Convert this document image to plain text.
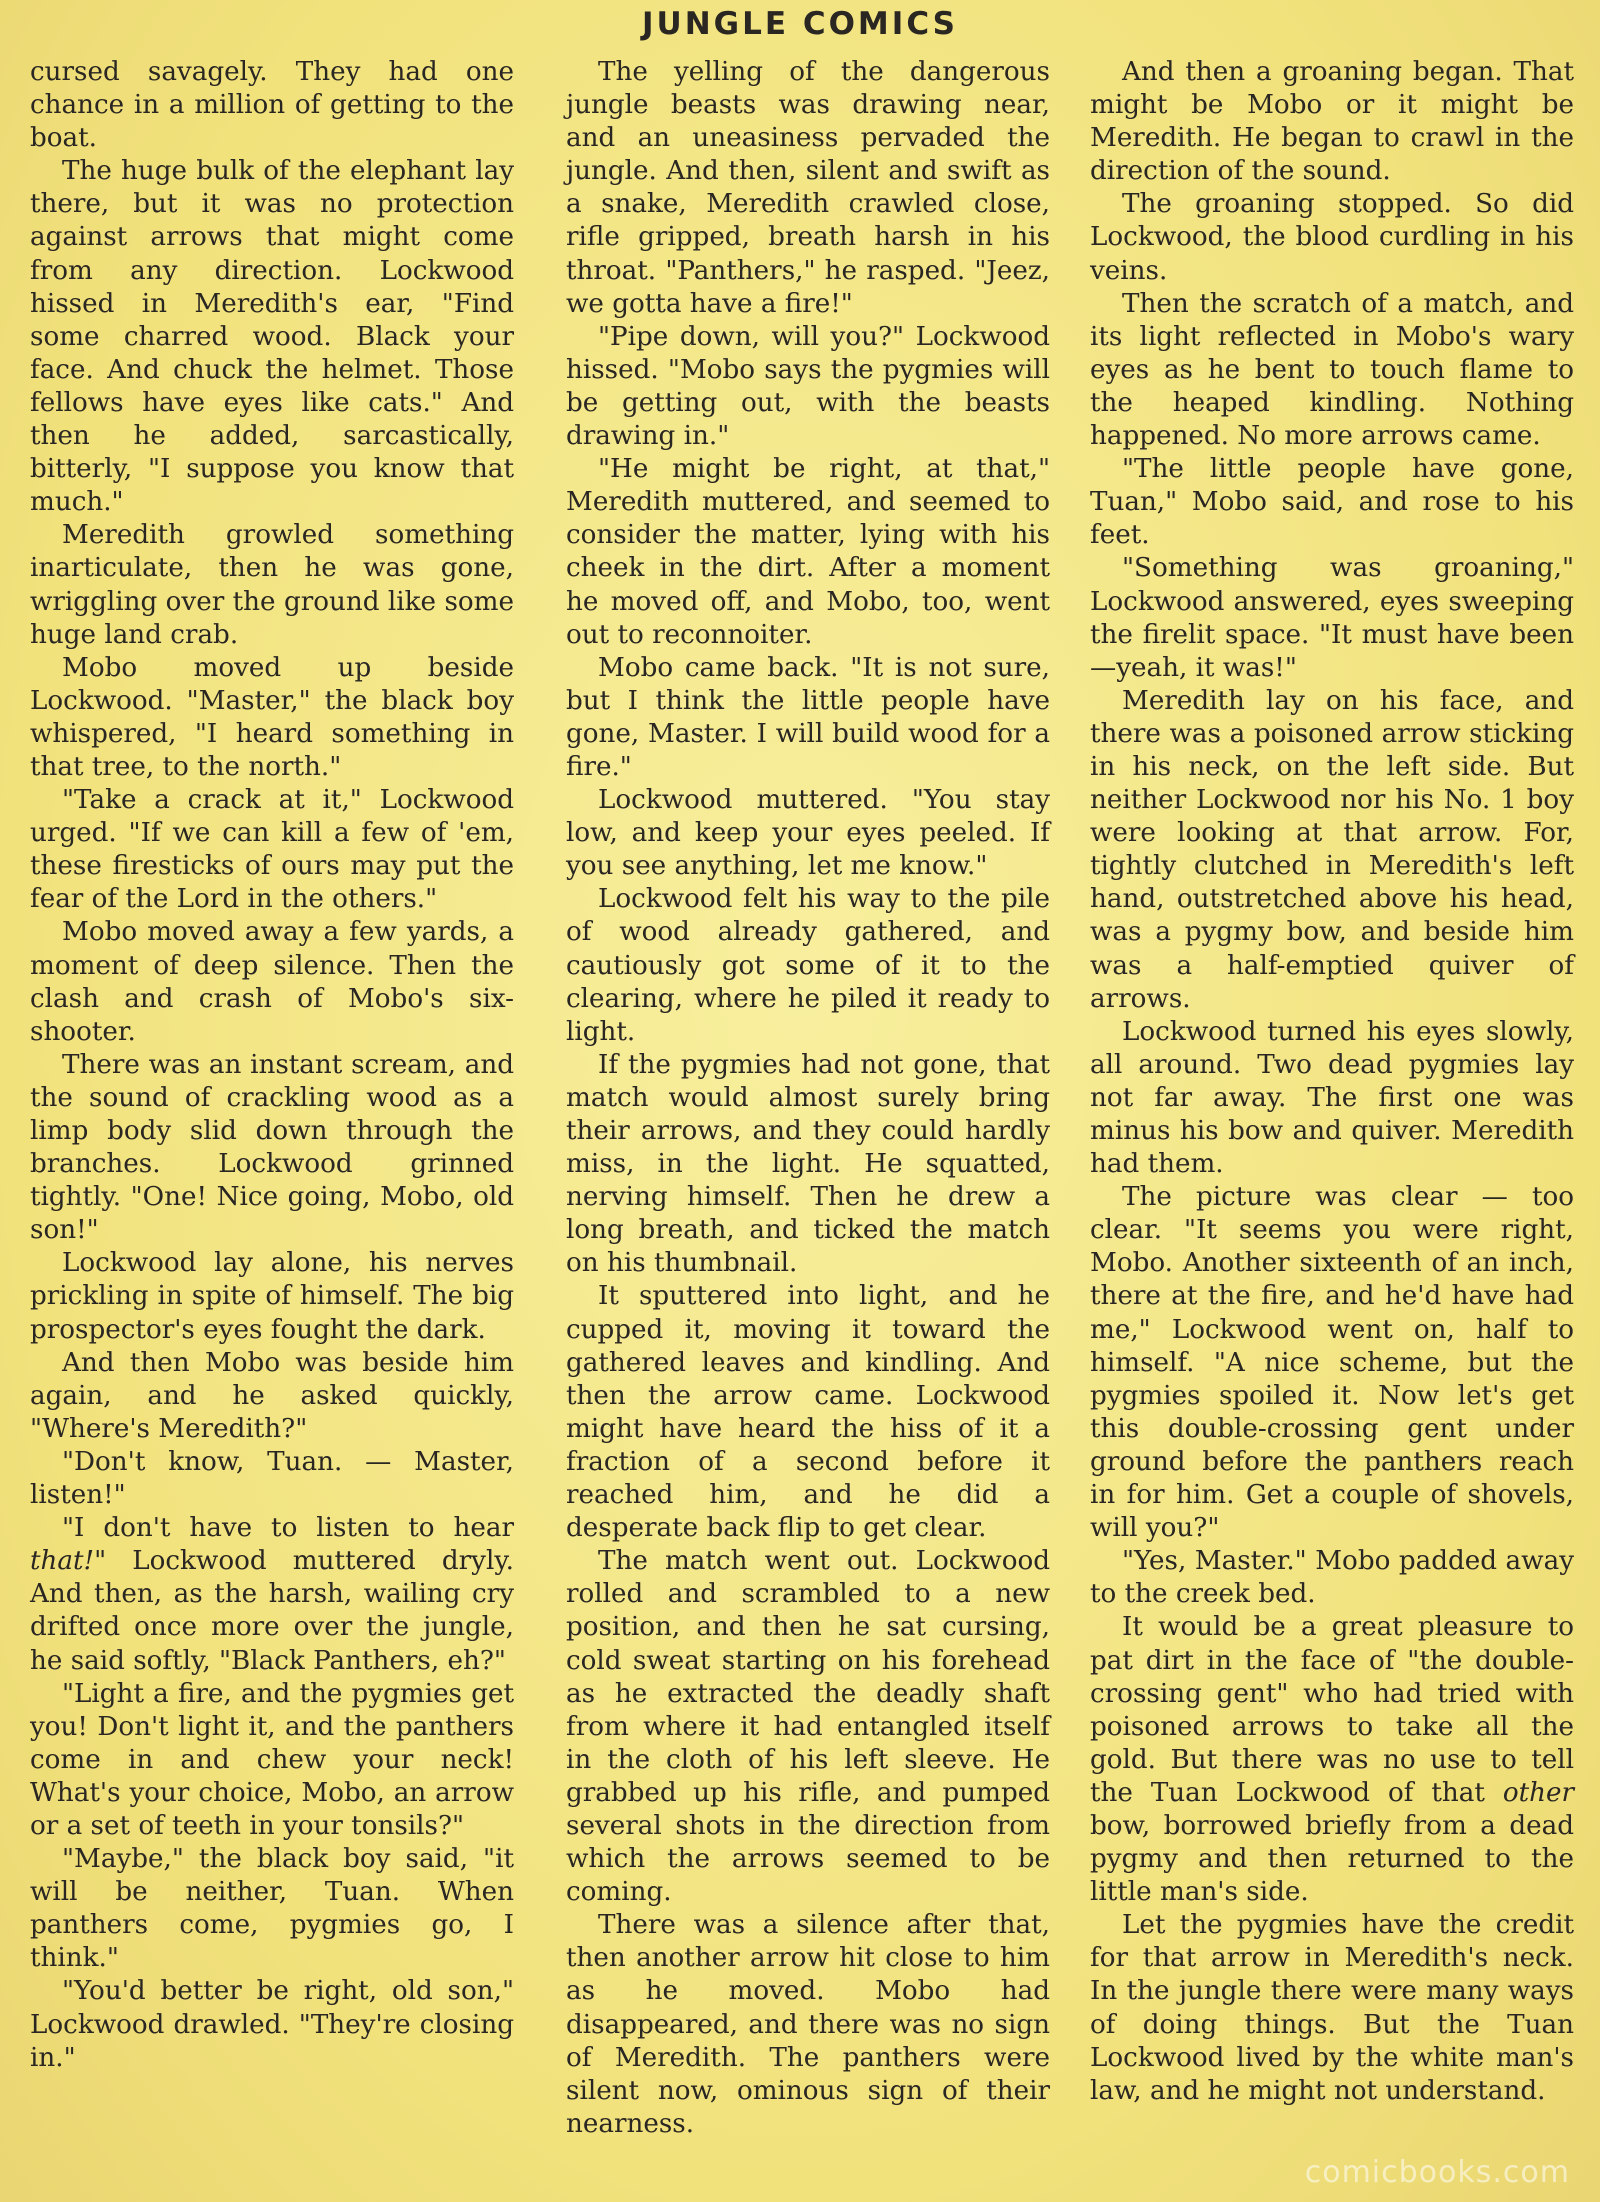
JUNGLE COMICS

cursed savagely. They had one chance in a million of getting to the boat.

The huge bulk of the elephant lay there, but it was no protection against arrows that might come from any direction. Lockwood hissed in Meredith's ear, "Find some charred wood. Black your face. And chuck the helmet. Those fellows have eyes like cats." And then he added, sarcastically, bitterly, "I suppose you know that much."

Meredith growled something inarticulate, then he was gone, wriggling over the ground like some huge land crab.

Mobo moved up beside Lockwood. "Master," the black boy whispered, "I heard something in that tree, to the north."

"Take a crack at it," Lockwood urged. "If we can kill a few of 'em, these firesticks of ours may put the fear of the Lord in the others."

Mobo moved away a few yards, a moment of deep silence. Then the clash and crash of Mobo's six-shooter.

There was an instant scream, and the sound of crackling wood as a limp body slid down through the branches. Lockwood grinned tightly. "One! Nice going, Mobo, old son!"

Lockwood lay alone, his nerves prickling in spite of himself. The big prospector's eyes fought the dark.

And then Mobo was beside him again, and he asked quickly, "Where's Meredith?"

"Don't know, Tuan. — Master, listen!"

"I don't have to listen to hear that!" Lockwood muttered dryly. And then, as the harsh, wailing cry drifted once more over the jungle, he said softly, "Black Panthers, eh?"

"Light a fire, and the pygmies get you! Don't light it, and the panthers come in and chew your neck! What's your choice, Mobo, an arrow or a set of teeth in your tonsils?"

"Maybe," the black boy said, "it will be neither, Tuan. When panthers come, pygmies go, I think."

"You'd better be right, old son," Lockwood drawled. "They're closing in."

The yelling of the dangerous jungle beasts was drawing near, and an uneasiness pervaded the jungle. And then, silent and swift as a snake, Meredith crawled close, rifle gripped, breath harsh in his throat. "Panthers," he rasped. "Jeez, we gotta have a fire!"

"Pipe down, will you?" Lockwood hissed. "Mobo says the pygmies will be getting out, with the beasts drawing in."

"He might be right, at that," Meredith muttered, and seemed to consider the matter, lying with his cheek in the dirt. After a moment he moved off, and Mobo, too, went out to reconnoiter.

Mobo came back. "It is not sure, but I think the little people have gone, Master. I will build wood for a fire."

Lockwood muttered. "You stay low, and keep your eyes peeled. If you see anything, let me know."

Lockwood felt his way to the pile of wood already gathered, and cautiously got some of it to the clearing, where he piled it ready to light.

If the pygmies had not gone, that match would almost surely bring their arrows, and they could hardly miss, in the light. He squatted, nerving himself. Then he drew a long breath, and ticked the match on his thumbnail.

It sputtered into light, and he cupped it, moving it toward the gathered leaves and kindling. And then the arrow came. Lockwood might have heard the hiss of it a fraction of a second before it reached him, and he did a desperate back flip to get clear.

The match went out. Lockwood rolled and scrambled to a new position, and then he sat cursing, cold sweat starting on his forehead as he extracted the deadly shaft from where it had entangled itself in the cloth of his left sleeve. He grabbed up his rifle, and pumped several shots in the direction from which the arrows seemed to be coming.

There was a silence after that, then another arrow hit close to him as he moved. Mobo had disappeared, and there was no sign of Meredith. The panthers were silent now, ominous sign of their nearness.

And then a groaning began. That might be Mobo or it might be Meredith. He began to crawl in the direction of the sound.

The groaning stopped. So did Lockwood, the blood curdling in his veins.

Then the scratch of a match, and its light reflected in Mobo's wary eyes as he bent to touch flame to the heaped kindling. Nothing happened. No more arrows came.

"The little people have gone, Tuan," Mobo said, and rose to his feet.

"Something was groaning," Lockwood answered, eyes sweeping the firelit space. "It must have been—yeah, it was!"

Meredith lay on his face, and there was a poisoned arrow sticking in his neck, on the left side. But neither Lockwood nor his No. 1 boy were looking at that arrow. For, tightly clutched in Meredith's left hand, outstretched above his head, was a pygmy bow, and beside him was a half-emptied quiver of arrows.

Lockwood turned his eyes slowly, all around. Two dead pygmies lay not far away. The first one was minus his bow and quiver. Meredith had them.

The picture was clear — too clear. "It seems you were right, Mobo. Another sixteenth of an inch, there at the fire, and he'd have had me," Lockwood went on, half to himself. "A nice scheme, but the pygmies spoiled it. Now let's get this double-crossing gent under ground before the panthers reach in for him. Get a couple of shovels, will you?"

"Yes, Master." Mobo padded away to the creek bed.

It would be a great pleasure to pat dirt in the face of "the double-crossing gent" who had tried with poisoned arrows to take all the gold. But there was no use to tell the Tuan Lockwood of that other bow, borrowed briefly from a dead pygmy and then returned to the little man's side.

Let the pygmies have the credit for that arrow in Meredith's neck. In the jungle there were many ways of doing things. But the Tuan Lockwood lived by the white man's law, and he might not understand.

comicbooks.com
